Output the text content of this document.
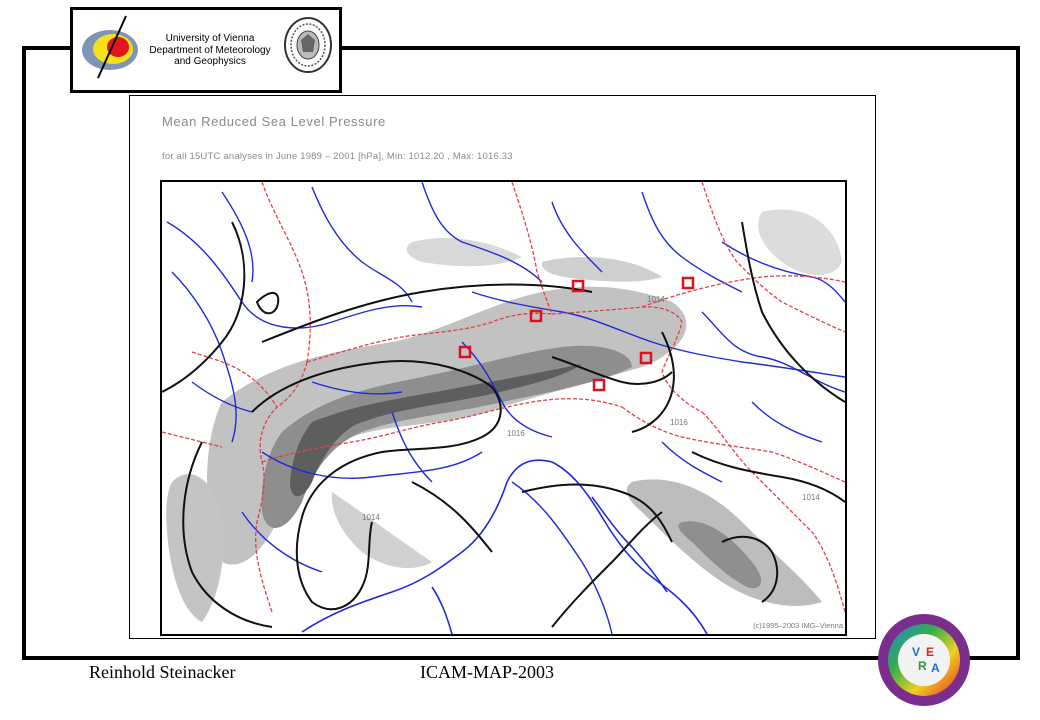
University of Vienna
Department of Meteorology
and Geophysics
Mean Reduced Sea Level Pressure
for all 15UTC analyses in June 1989 – 2001 [hPa], Min: 1012.20 , Max: 1016.33
1014
1014
1014
1016
1016
(c)1995–2003 IMG–Vienna
V E
R A
Reinhold Steinacker	ICAM-MAP-2003
